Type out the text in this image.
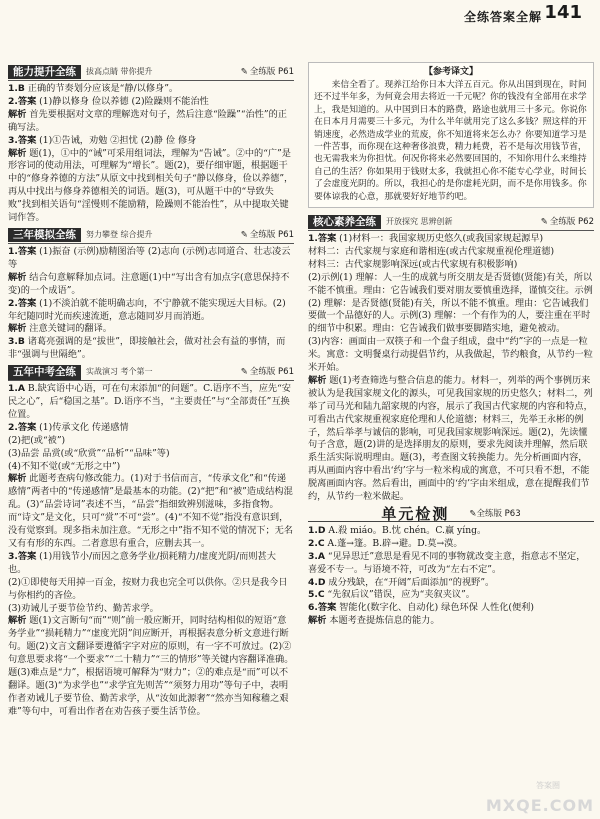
全练答案全解 141
能力提升全练	拔高点睛 带你提升	✎ 全练版 P61

1.B 正确的节奏划分应该是“静/以修身”。

2.答案 (1)静以修身 俭以养德 (2)险躁则不能治性

解析 首先要根据对文章的理解选对句子，然后注意“险躁”“治性”的正确写法。

3.答案 (1)①告诫，劝勉 ②担忧 (2)静 俭 修身

解析 题(1)，①中的“诫”可采用组词法，理解为“告诫”。②中的“广”是形容词的使动用法，可理解为“增长”。题(2)，要仔细审题，根据题干中的“修身养德的方法”从原文中找到相关句子“静以修身，俭以养德”，再从中找出与修身养德相关的词语。题(3)，可从题干中的“导致失败”找到相关语句“淫慢则不能励精，险躁则不能治性”，从中提取关键词作答。

三年模拟全练	努力攀登 综合提升	✎ 全练版 P61

1.答案 (1)振奋 (示例)励精图治等 (2)志向 (示例)志同道合、壮志凌云等

解析 结合句意解释加点词。注意题(1)中“写出含有加点字(意思保持不变)的一个成语”。

2.答案 (1)不淡泊就不能明确志向，不宁静就不能实现远大目标。(2)年纪随同时光而疾速流逝，意志随同岁月而消逝。

解析 注意关键词的翻译。

3.B 诸葛亮强调的是“拔世”，即接触社会，做对社会有益的事情，而非“强调与世隔绝”。

五年中考全练	实战演习 考个第一	✎ 全练版 P61

1.A B.缺宾语中心语，可在句末添加“的问题”。C.语序不当，应先“安民之心”，后“稳国之基”。D.语序不当，“主要责任”与“全部责任”互换位置。

2.答案 (1)传承文化 传递感情

(2)把(或“被”)

(3)品尝 品赏(或“欣赏”“品析”“品味”等)

(4)不知不觉(或“无形之中”)

解析 此题考查病句修改能力。(1)对于书信而言，“传承文化”和“传递感情”两者中的“传递感情”是最基本的功能。(2)“把”和“被”造成结构混乱。(3)“品尝诗词”表述不当，“品尝”指细致辨别滋味，多指食物。而“诗文”是文化，只可“赏”不可“尝”。(4)“不知不觉”指没有意识到，没有觉察到。现多指未加注意。“无形之中”指不知不觉的情况下；无名又有有形的东西。二者意思有重合，应删去其一。

3.答案 (1)用钱节小/而因之意务学业/损耗精力/虚度光阴/而则甚大也。

(2)①即使每天用掉一百金，按财力我也完全可以供你。②只是我今日与你相约的吝俭。

(3)劝诫儿子要节俭节约、勤苦求学。

解析 题(1)文言断句“而”“则”前一般应断开，同时结构相似的短语“意务学业”“损耗精力”“虚度光阴”间应断开，再根据表意分析文意进行断句。题(2)文言文翻译要遵循字字对应的原则，有一字不可放过。(2)②句意思要求将“一个要求”“二十精力”“三的情形”等关键内容翻译准确。题(3)难点是“力”，根据语境可解释为“财力”；②的难点是“而”可以不翻译。题(3)“为求学也”“求学宜先则苦”“须努力用功”等句子中，表明作者劝诫儿子要节俭、勤苦求学，从“汝如此源奢”“然亦当知稼穑之艰难”等句中，可看出作者在劝告孩子要生活节俭。

【参考译文】

来信全看了。现养江给你日本大洋五百元。你从出国到现在，时间还不过半年多，为何竟会用去将近一千元呢？你的钱没有全部用在求学上，我是知道的。从中国到日本的路费，路途也就用三十多元。你说你在日本月月需要三十多元，为什么半年就用完了这么多钱？照这样的开销速度，必然造成学业的荒废，你不知道将来怎么办？你要知道学习是一件苦事，而你现在这种奢侈浪费，精力耗费，若不是每次用钱节省，也无需我来为你担忧。何况你将来必然要回国的，不知你用什么来维持自己的生活？你如果用于钱财太多，我就担心你不能专心学业，时间长了会虚度光阴的。所以，我担心的是你虚耗光阴，而不是你用钱多。你要体谅我的心意，那就要好好地节约吧。

核心素养全练	开放探究 思辨创新	✎ 全练版 P62

1.答案 (1)材料一：我国家规历史悠久(或我国家规起源早)

材料二：古代家规与家庭和谐相连(或古代家规重视伦理道德)

材料三：古代家规影响深远(或古代家规有积极影响)

(2)示例(1) 理解：人一生的成就与所交朋友是否贤德(贤能)有关，所以不能不慎重。理由：它告诫我们要对朋友要慎重选择，谨慎交往。示例(2) 理解：是否贤德(贤能)有关，所以不能不慎重。理由：它告诫我们要做一个品德好的人。示例(3) 理解：一个有作为的人，要注重在平时的细节中积累。理由：它告诫我们做事要脚踏实地，避免被动。

(3)内容：画面由一双筷子和一个盘子组成，盘中“约”字的一点是一粒米。寓意：文明餐桌行动提倡节约，从我做起，节约粮食，从节约一粒米开始。

解析 题(1)考查筛选与整合信息的能力。材料一，列举的两个事例历来被认为是我国家规文化的源头，可见我国家规的历史悠久；材料二，列举了司马光和陆九韶家规的内容，展示了我国古代家规的内容和特点，可看出古代家规重视家庭伦理和人伦道德；材料三，先举王永彬的例子，然后举孝与诚信的影响，可见我国家规影响深远。题(2)，先读懂句子含意，题(2)讲的是选择朋友的原则，要求先阅读并理解，然后联系生活实际说明理由。题(3)，考查图文转换能力。先分析画面内容，再从画面内容中看出‘约’字与一粒米构成的寓意，不可只看不想，不能脱离画面内容。然后看出，画面中的‘约’字由米组成，意在提醒我们节约，从节约一粒米做起。

单元检测 ✎全练版 P63

1.D A.殺 miáo。B.忱 chén。C.赢 yíng。

2.C A.蓬→篷。B.辟→避。D.莫→漠。

3.A “见异思迁”意思是看见不同的事物就改变主意，指意志不坚定，喜爱不专一。与语境不符，可改为“左右不定”。

4.D 成分残缺，在“开阔”后面添加“的视野”。

5.C “先叙后议”错误，应为“夹叙夹议”。

6.答案 智能化(数字化、自动化) 绿色环保 人性化(便利)

解析 本题考查提炼信息的能力。

答案圈
MXQE.COM
